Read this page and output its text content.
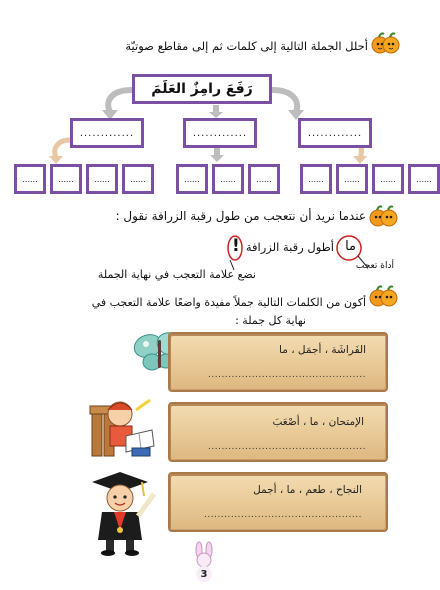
أحلل الجملة التالية إلى كلمات ثم إلى مقاطع صوتيّة
رَفَعَ رامِزٌ العَلَمَ
.............	.............	.............
......	......	......	......	......	......	......	......	......	......	......
عندما نريد أن نتعجب من طول رقبة الزرافة نقول :
ما
أطول رقبة الزرافة
!
أداة تعجب
نضع علامة التعجب في نهاية الجملة
أكون من الكلمات التالية جملاً مفيدة واضعًا علامة التعجب في
نهاية كل جملة :
الفَراشَة ، أجمَل ، ما
...............................................
الإمتحان ، ما ، أصْعَبَ
...............................................
النجاح ، طعم ، ما ، أجمل
...............................................
3
